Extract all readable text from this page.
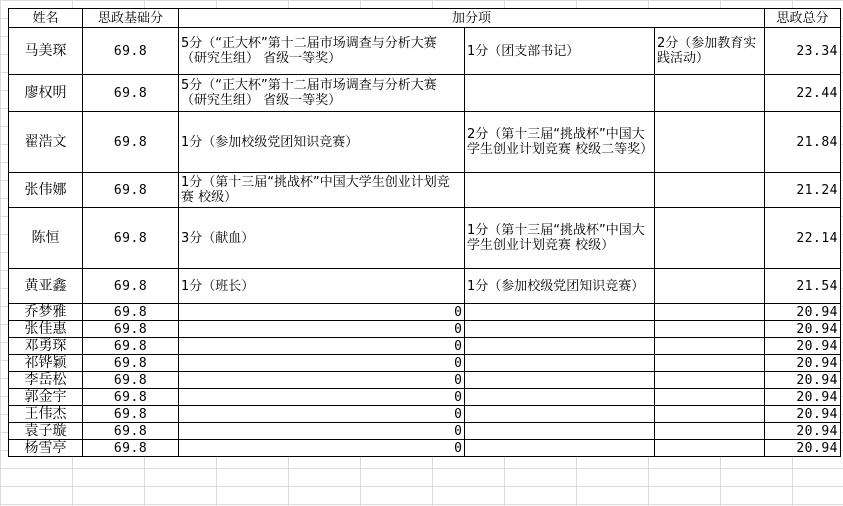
姓名	思政基础分	加分项			思政总分
马美琛	69.8	5分（“正大杯”第十二届市场调查与分析大赛（研究生组） 省级一等奖）	1分（团支部书记）	2分（参加教育实践活动）	23.34
廖权明	69.8	5分（“正大杯”第十二届市场调查与分析大赛（研究生组） 省级一等奖）			22.44
翟浩文	69.8	1分（参加校级党团知识竞赛）	2分（第十三届“挑战杯”中国大学生创业计划竞赛 校级二等奖）		21.84
张伟娜	69.8	1分（第十三届“挑战杯”中国大学生创业计划竞赛 校级）			21.24
陈恒	69.8	3分（献血）	1分（第十三届“挑战杯”中国大学生创业计划竞赛 校级）		22.14
黄亚鑫	69.8	1分（班长）	1分（参加校级党团知识竞赛）		21.54
乔梦雅	69.8	0			20.94
张佳惠	69.8	0			20.94
邓勇琛	69.8	0			20.94
祁铧颖	69.8	0			20.94
李岳松	69.8	0			20.94
郭金宇	69.8	0			20.94
王伟杰	69.8	0			20.94
袁子璇	69.8	0			20.94
杨雪亭	69.8	0			20.94
